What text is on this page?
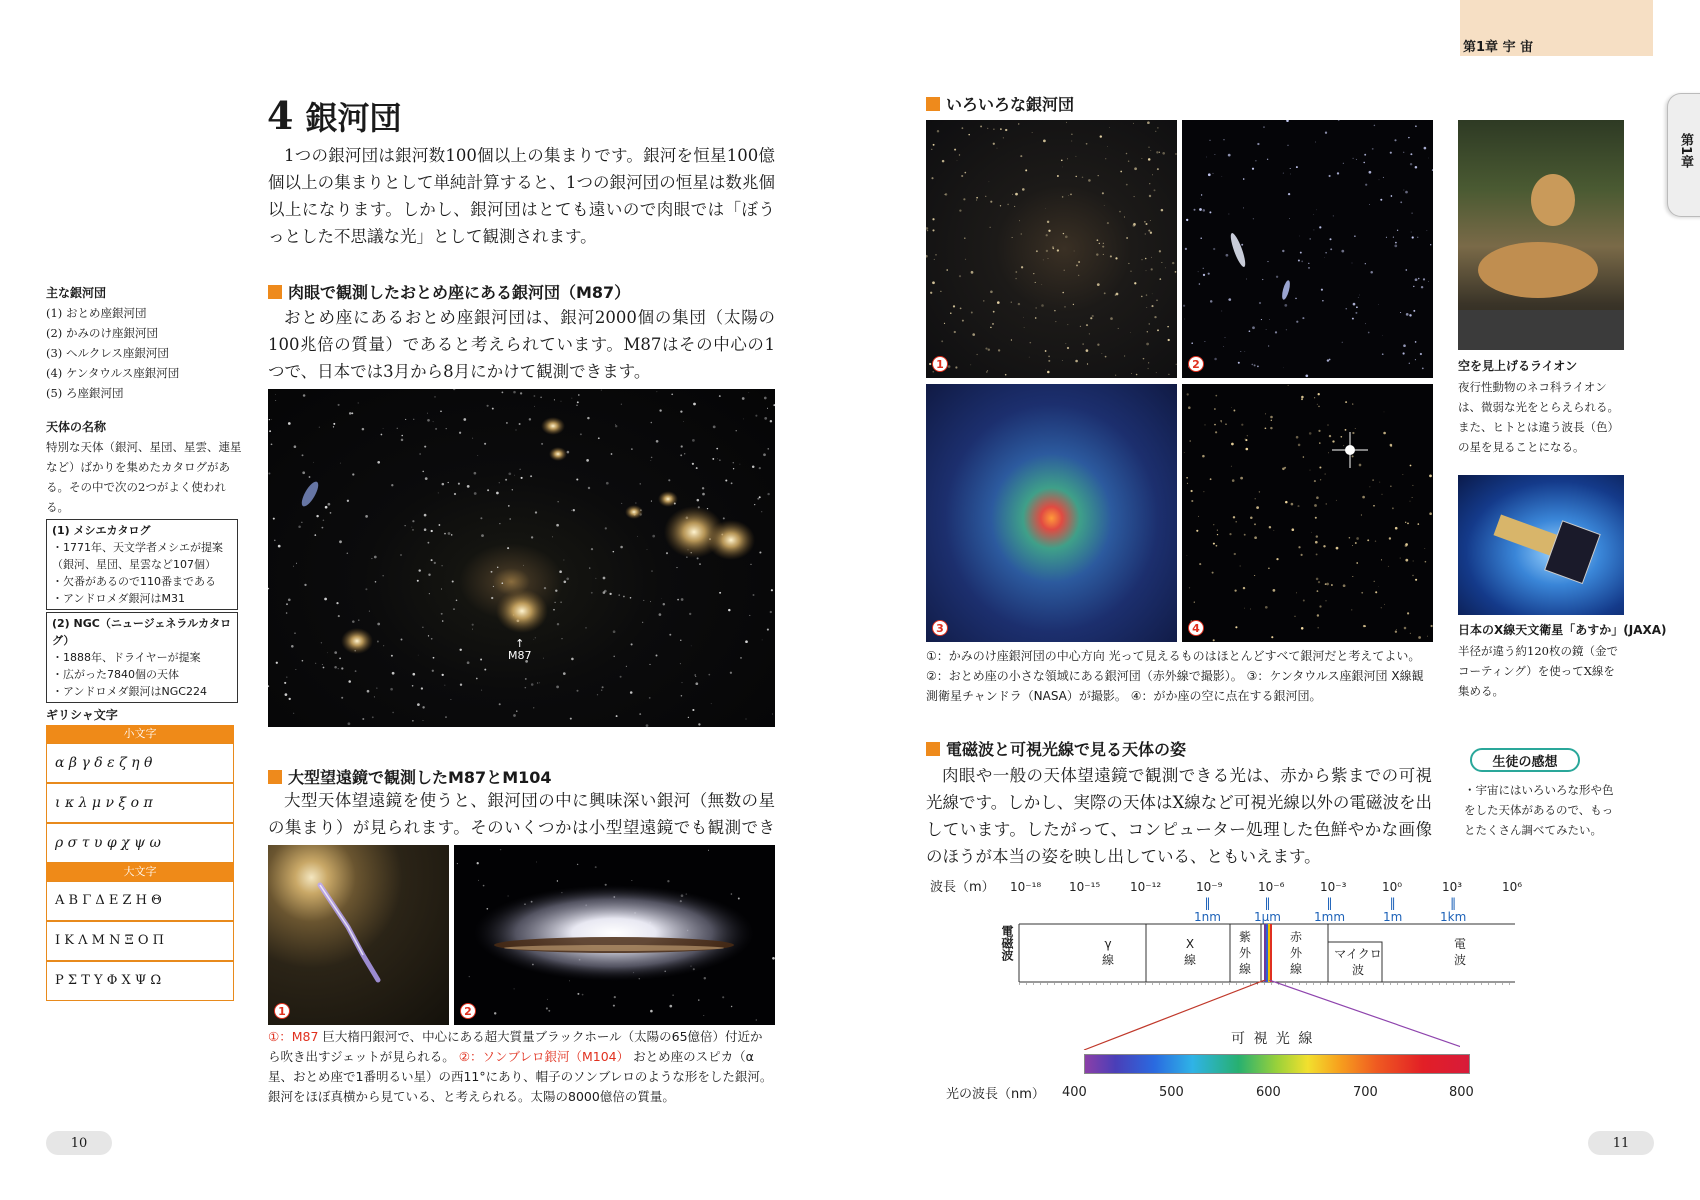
第1章 宇 宙
第1章
4 銀河団
1つの銀河団は銀河数100個以上の集まりです。銀河を恒星100億個以上の集まりとして単純計算すると、1つの銀河団の恒星は数兆個以上になります。しかし、銀河団はとても遠いので肉眼では「ぼうっとした不思議な光」として観測されます。
主な銀河団
(1) おとめ座銀河団
(2) かみのけ座銀河団
(3) ヘルクレス座銀河団
(4) ケンタウルス座銀河団
(5) ろ座銀河団
天体の名称
特別な天体（銀河、星団、星雲、連星など）ばかりを集めたカタログがある。その中で次の2つがよく使われる。
(1) メシエカタログ
・1771年、天文学者メシエが提案（銀河、星団、星雲など107個）
・欠番があるので110番まである
・アンドロメダ銀河はM31
(2) NGC（ニュージェネラルカタログ）
・1888年、ドライヤーが提案
・広がった7840個の天体
・アンドロメダ銀河はNGC224
ギリシャ文字
小文字
α β γ δ ε ζ η θ
ι κ λ μ ν ξ ο π
ρ σ τ υ φ χ ψ ω
大文字
Α Β Γ Δ Ε Ζ Η Θ
Ι Κ Λ Μ Ν Ξ Ο Π
Ρ Σ Τ Υ Φ Χ Ψ Ω
肉眼で観測したおとめ座にある銀河団（M87）
おとめ座にあるおとめ座銀河団は、銀河2000個の集団（太陽の100兆倍の質量）であると考えられています。M87はその中心の1つで、日本では3月から8月にかけて観測できます。
↑
M87
大型望遠鏡で観測したM87とM104
大型天体望遠鏡を使うと、銀河団の中に興味深い銀河（無数の星の集まり）が見られます。そのいくつかは小型望遠鏡でも観測でき
1	2
①：M87 巨大楕円銀河で、中心にある超大質量ブラックホール（太陽の65億倍）付近から吹き出すジェットが見られる。 ②：ソンブレロ銀河（M104） おとめ座のスピカ（α星、おとめ座で1番明るい星）の西11°にあり、帽子のソンブレロのような形をした銀河。銀河をほぼ真横から見ている、と考えられる。太陽の8000億倍の質量。
10
いろいろな銀河団
1	2
3	4
①：かみのけ座銀河団の中心方向 光って見えるものはほとんどすべて銀河だと考えてよい。 ②：おとめ座の小さな領域にある銀河団（赤外線で撮影）。 ③：ケンタウルス座銀河団 X線観測衛星チャンドラ（NASA）が撮影。 ④：がか座の空に点在する銀河団。
空を見上げるライオン
夜行性動物のネコ科ライオンは、微弱な光をとらえられる。また、ヒトとは違う波長（色）の星を見ることになる。
日本のX線天文衛星「あすか」(JAXA)
半径が違う約120枚の鏡（金でコーティング）を使ってX線を集める。
電磁波と可視光線で見る天体の姿
肉眼や一般の天体望遠鏡で観測できる光は、赤から紫までの可視光線です。しかし、実際の天体はX線など可視光線以外の電磁波を出しています。したがって、コンピューター処理した色鮮やかな画像のほうが本当の姿を映し出している、ともいえます。
生徒の感想
・宇宙にはいろいろな形や色をした天体があるので、もっとたくさん調べてみたい。
波長（m） 10⁻¹⁸ 10⁻¹⁵ 10⁻¹²	10⁻⁹	10⁻⁶	10⁻³	10⁰	10³	10⁶
‖
1nm
‖
1μm
‖
1mm
‖
1m
‖
1km
電磁波	γ線
X線
紫外線
赤外線
マイクロ波
電波
可 視 光 線
光の波長（nm） 400	500	600	700	800
11
